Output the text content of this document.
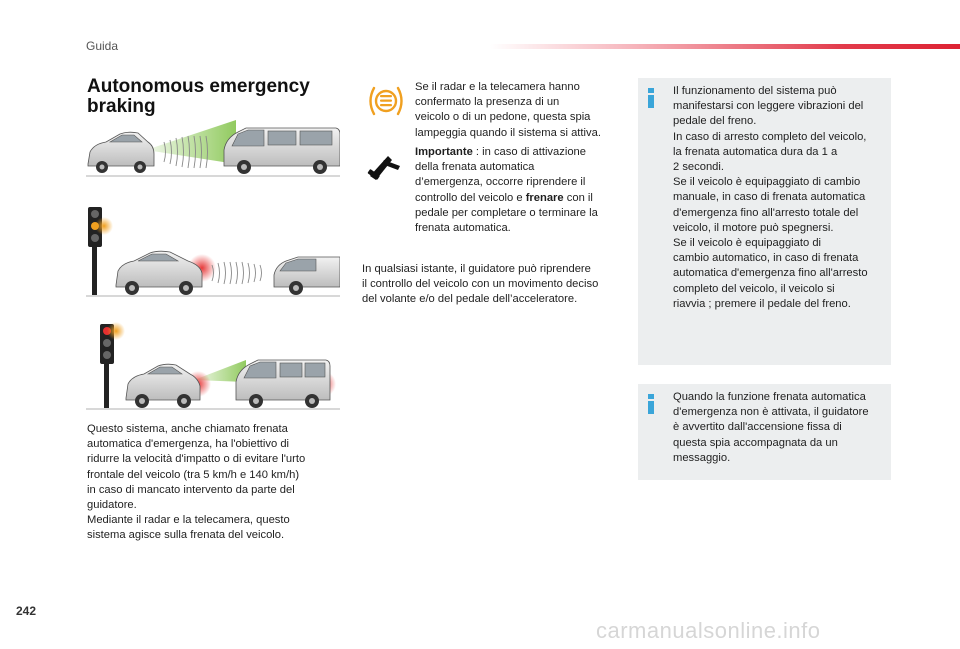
Guida
Autonomous emergency braking
Questo sistema, anche chiamato frenata
automatica d'emergenza, ha l'obiettivo di
ridurre la velocità d'impatto o di evitare l'urto
frontale del veicolo (tra 5 km/h e 140 km/h)
in caso di mancato intervento da parte del
guidatore.
Mediante il radar e la telecamera, questo
sistema agisce sulla frenata del veicolo.
Se il radar e la telecamera hanno
confermato la presenza di un
veicolo o di un pedone, questa spia
lampeggia quando il sistema si attiva.
Importante : in caso di attivazione
della frenata automatica
d’emergenza, occorre riprendere il
controllo del veicolo e frenare con il
pedale per completare o terminare la
frenata automatica.
In qualsiasi istante, il guidatore può riprendere
il controllo del veicolo con un movimento deciso
del volante e/o del pedale dell’acceleratore.
Il funzionamento del sistema può
manifestarsi con leggere vibrazioni del
pedale del freno.
In caso di arresto completo del veicolo,
la frenata automatica dura da 1 a
2 secondi.
Se il veicolo è equipaggiato di cambio
manuale, in caso di frenata automatica
d'emergenza fino all'arresto totale del
veicolo, il motore può spegnersi.
Se il veicolo è equipaggiato di
cambio automatico, in caso di frenata
automatica d'emergenza fino all'arresto
completo del veicolo, il veicolo si
riavvia ; premere il pedale del freno.
Quando la funzione frenata automatica
d'emergenza non è attivata, il guidatore
è avvertito dall'accensione fissa di
questa spia accompagnata da un
messaggio.
242
carmanualsonline.info
